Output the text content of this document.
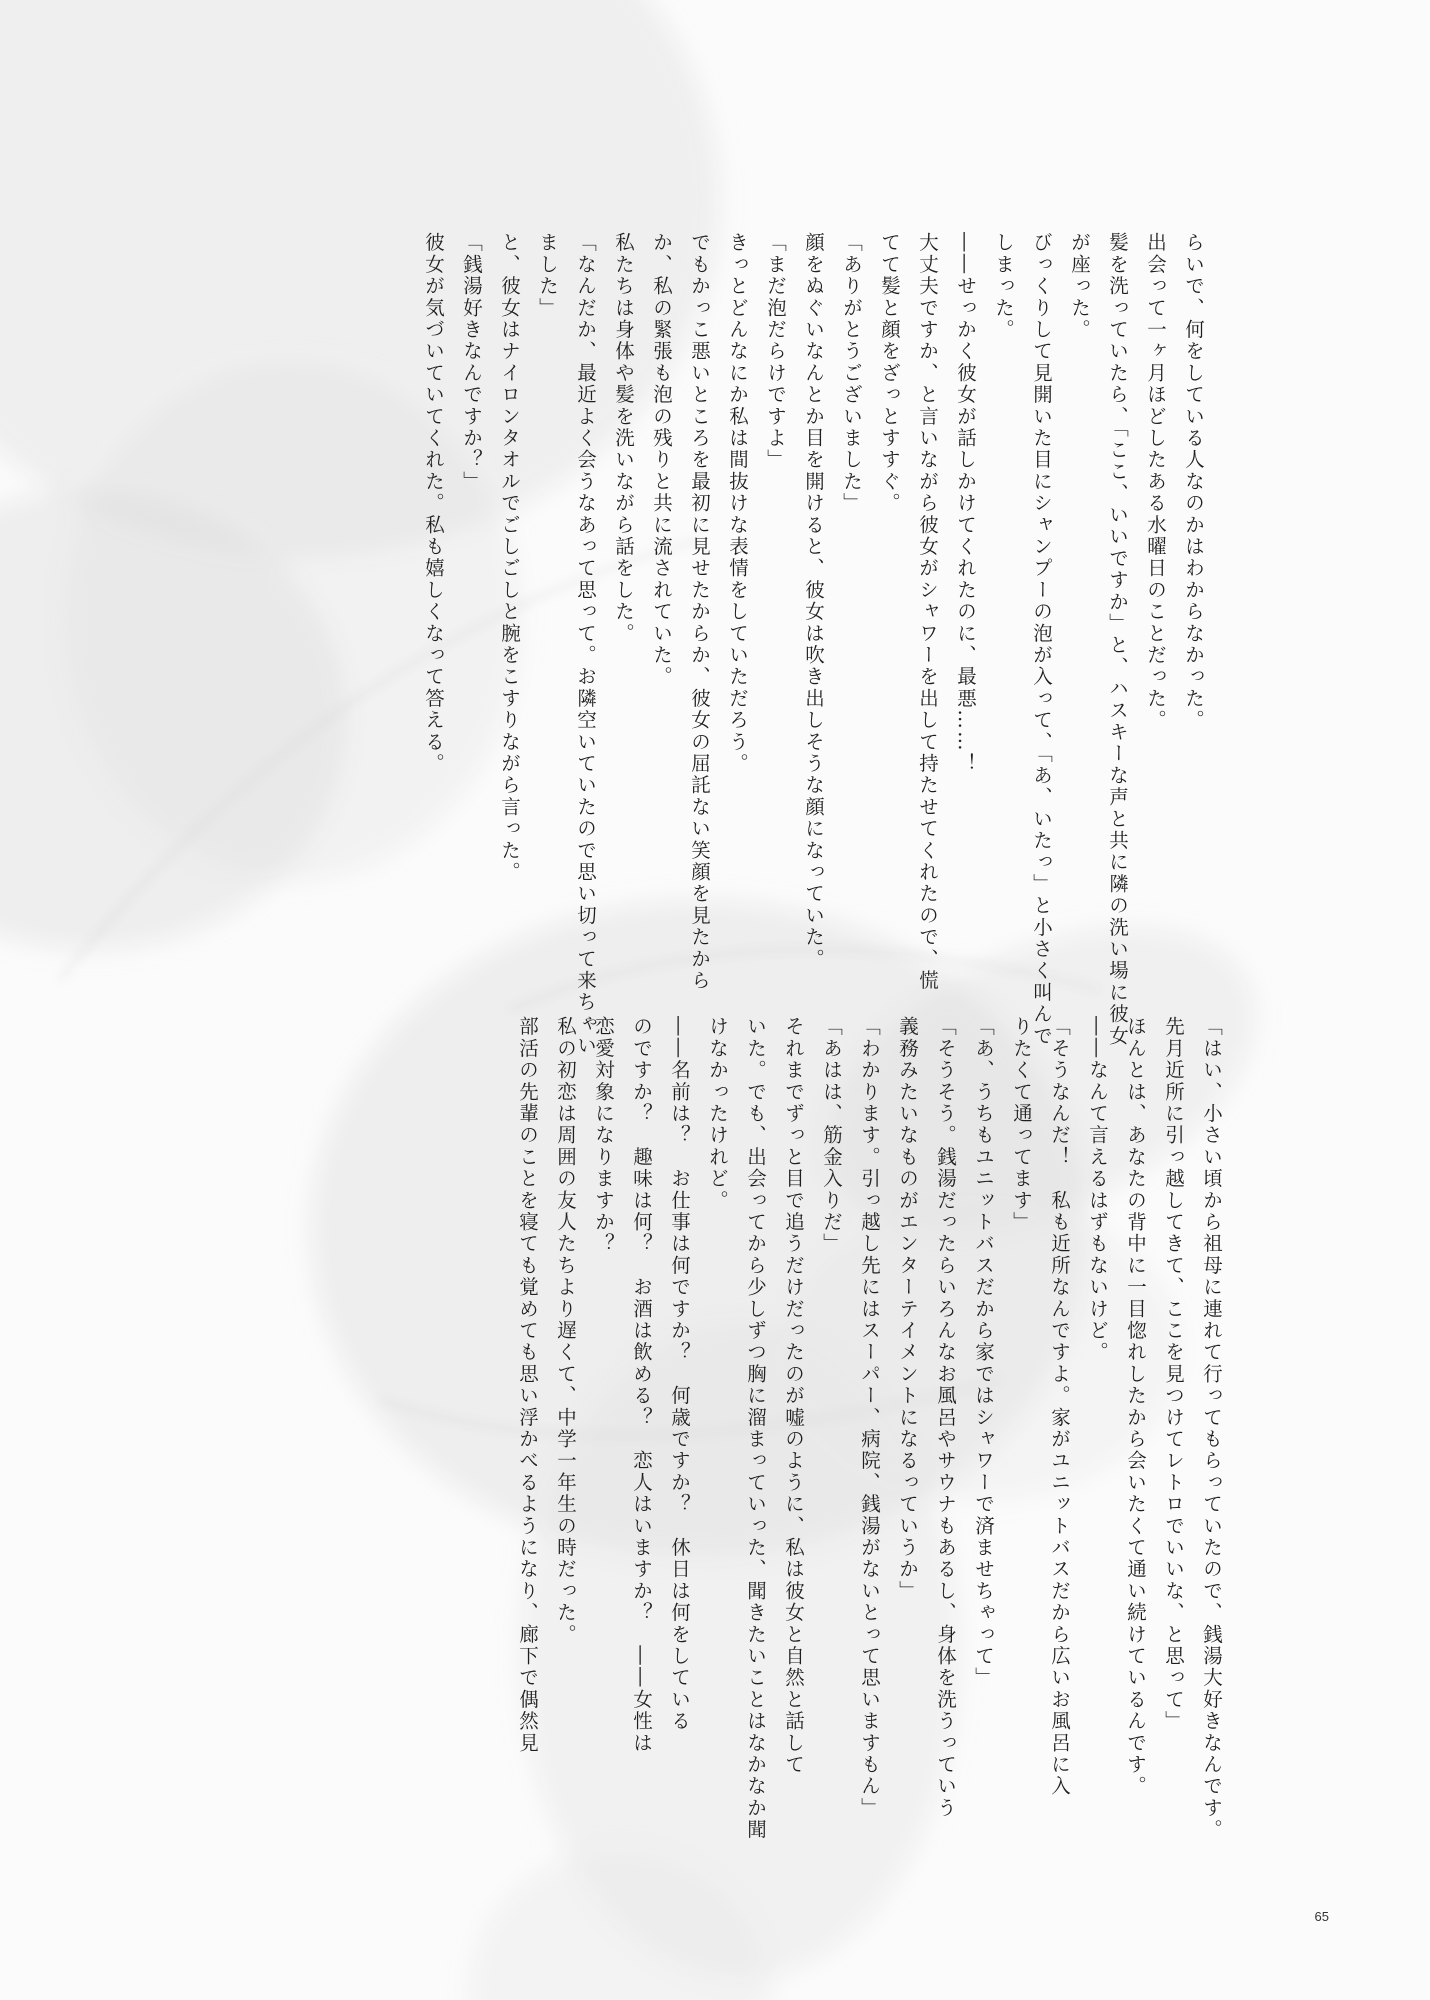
らいで、何をしている人なのかはわからなかった。
出会って一ヶ月ほどしたある水曜日のことだった。
髪を洗っていたら、「ここ、いいですか」と、ハスキーな声と共に隣の洗い場に彼女
が座った。
びっくりして見開いた目にシャンプーの泡が入って、「あ、いたっ」と小さく叫んで
しまった。
――せっかく彼女が話しかけてくれたのに、最悪……！
大丈夫ですか、と言いながら彼女がシャワーを出して持たせてくれたので、慌
てて髪と顔をざっとすすぐ。
「ありがとうございました」
顔をぬぐいなんとか目を開けると、彼女は吹き出しそうな顔になっていた。
「まだ泡だらけですよ」
きっとどんなにか私は間抜けな表情をしていただろう。
でもかっこ悪いところを最初に見せたからか、彼女の屈託ない笑顔を見たから
か、私の緊張も泡の残りと共に流されていた。
私たちは身体や髪を洗いながら話をした。
「なんだか、最近よく会うなあって思って。お隣空いていたので思い切って来ちゃい
ました」
と、彼女はナイロンタオルでごしごしと腕をこすりながら言った。
「銭湯好きなんですか？」
彼女が気づいていてくれた。私も嬉しくなって答える。
「はい、小さい頃から祖母に連れて行ってもらっていたので、銭湯大好きなんです。
先月近所に引っ越してきて、ここを見つけてレトロでいいな、と思って」
ほんとは、あなたの背中に一目惚れしたから会いたくて通い続けているんです。
――なんて言えるはずもないけど。
「そうなんだ！　私も近所なんですよ。家がユニットバスだから広いお風呂に入
りたくて通ってます」
「あ、うちもユニットバスだから家ではシャワーで済ませちゃって」
「そうそう。銭湯だったらいろんなお風呂やサウナもあるし、身体を洗うっていう
義務みたいなものがエンターテイメントになるっていうか」
「わかります。引っ越し先にはスーパー、病院、銭湯がないとって思いますもん」
「あはは、筋金入りだ」
それまでずっと目で追うだけだったのが嘘のように、私は彼女と自然と話して
いた。でも、出会ってから少しずつ胸に溜まっていった、聞きたいことはなかなか聞
けなかったけれど。
――名前は？　お仕事は何ですか？　何歳ですか？　休日は何をしている
のですか？　趣味は何？　お酒は飲める？　恋人はいますか？　――女性は
恋愛対象になりますか？
私の初恋は周囲の友人たちより遅くて、中学一年生の時だった。
部活の先輩のことを寝ても覚めても思い浮かべるようになり、廊下で偶然見
65
